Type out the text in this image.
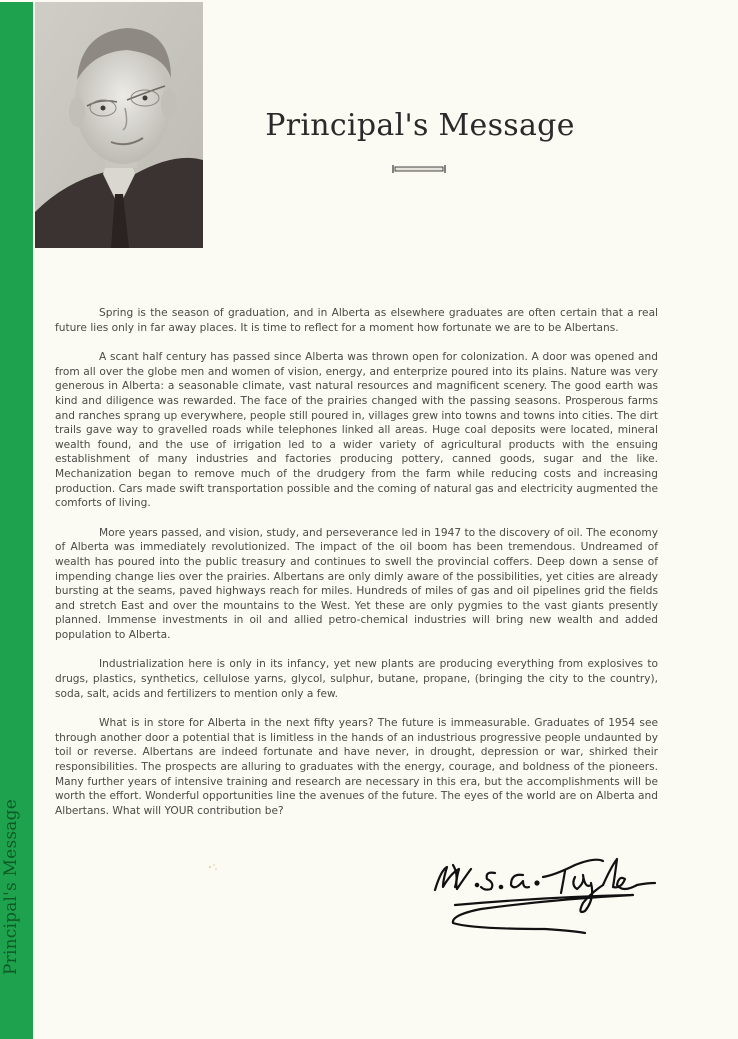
Principal's Message
Principal's Message

Spring is the season of graduation, and in Alberta as elsewhere graduates are often certain that a real future lies only in far away places. It is time to reflect for a moment how fortunate we are to be Albertans.

A scant half century has passed since Alberta was thrown open for colonization. A door was opened and from all over the globe men and women of vision, energy, and enterprize poured into its plains. Nature was very generous in Alberta: a seasonable climate, vast natural resources and magnificent scenery. The good earth was kind and diligence was rewarded. The face of the prairies changed with the passing seasons. Prosperous farms and ranches sprang up everywhere, people still poured in, villages grew into towns and towns into cities. The dirt trails gave way to gravelled roads while telephones linked all areas. Huge coal deposits were located, mineral wealth found, and the use of irrigation led to a wider variety of agricultural products with the ensuing establishment of many industries and factories producing pottery, canned goods, sugar and the like. Mechanization began to remove much of the drudgery from the farm while reducing costs and increasing production. Cars made swift transportation possible and the coming of natural gas and electricity augmented the comforts of living.

More years passed, and vision, study, and perseverance led in 1947 to the discovery of oil. The economy of Alberta was immediately revolutionized. The impact of the oil boom has been tremendous. Undreamed of wealth has poured into the public treasury and continues to swell the provincial coffers. Deep down a sense of impending change lies over the prairies. Albertans are only dimly aware of the possibilities, yet cities are already bursting at the seams, paved highways reach for miles. Hundreds of miles of gas and oil pipelines grid the fields and stretch East and over the mountains to the West. Yet these are only pygmies to the vast giants presently planned. Immense investments in oil and allied petro-chemical industries will bring new wealth and added population to Alberta.

Industrialization here is only in its infancy, yet new plants are producing everything from explosives to drugs, plastics, synthetics, cellulose yarns, glycol, sulphur, butane, propane, (bringing the city to the country), soda, salt, acids and fertilizers to mention only a few.

What is in store for Alberta in the next fifty years? The future is immeasurable. Graduates of 1954 see through another door a potential that is limitless in the hands of an industrious progressive people undaunted by toil or reverse. Albertans are indeed fortunate and have never, in drought, depression or war, shirked their responsibilities. The prospects are alluring to graduates with the energy, courage, and boldness of the pioneers. Many further years of intensive training and research are necessary in this era, but the accomplishments will be worth the effort. Wonderful opportunities line the avenues of the future. The eyes of the world are on Alberta and Albertans. What will YOUR contribution be?
